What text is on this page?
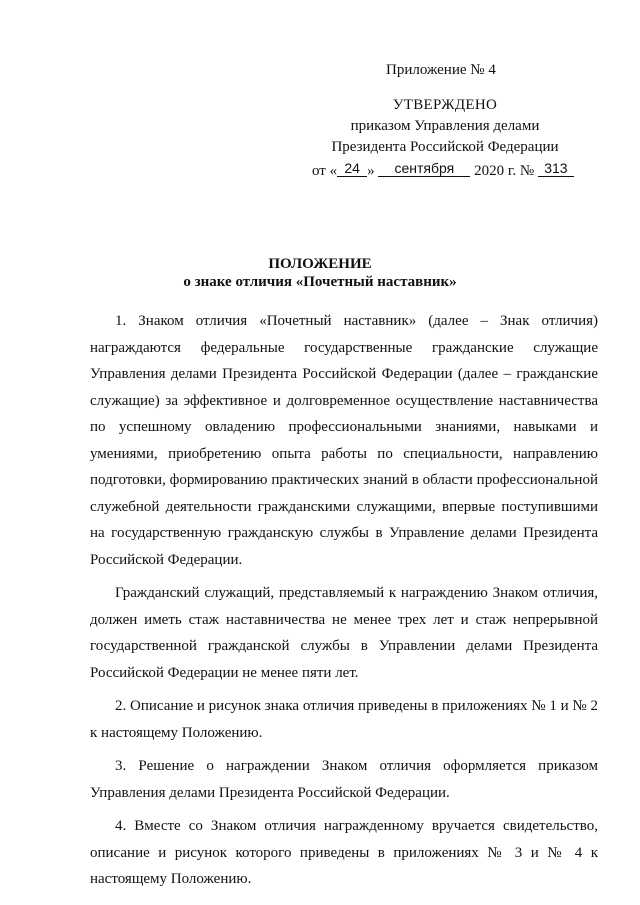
Приложение № 4
УТВЕРЖДЕНО
приказом Управления делами
Президента Российской Федерации
от « 24 » сентября 2020 г. № 313
ПОЛОЖЕНИЕ
о знаке отличия «Почетный наставник»

1. Знаком отличия «Почетный наставник» (далее – Знак отличия) награждаются федеральные государственные гражданские служащие Управления делами Президента Российской Федерации (далее – гражданские служащие) за эффективное и долговременное осуществление наставничества по успешному овладению профессиональными знаниями, навыками и умениями, приобретению опыта работы по специальности, направлению подготовки, формированию практических знаний в области профессиональной служебной деятельности гражданскими служащими, впервые поступившими на государственную гражданскую службы в Управление делами Президента Российской Федерации.

Гражданский служащий, представляемый к награждению Знаком отличия, должен иметь стаж наставничества не менее трех лет и стаж непрерывной государственной гражданской службы в Управлении делами Президента Российской Федерации не менее пяти лет.

2. Описание и рисунок знака отличия приведены в приложениях № 1 и № 2 к настоящему Положению.

3. Решение о награждении Знаком отличия оформляется приказом Управления делами Президента Российской Федерации.

4. Вместе со Знаком отличия награжденному вручается свидетельство, описание и рисунок которого приведены в приложениях № 3 и № 4 к настоящему Положению.
